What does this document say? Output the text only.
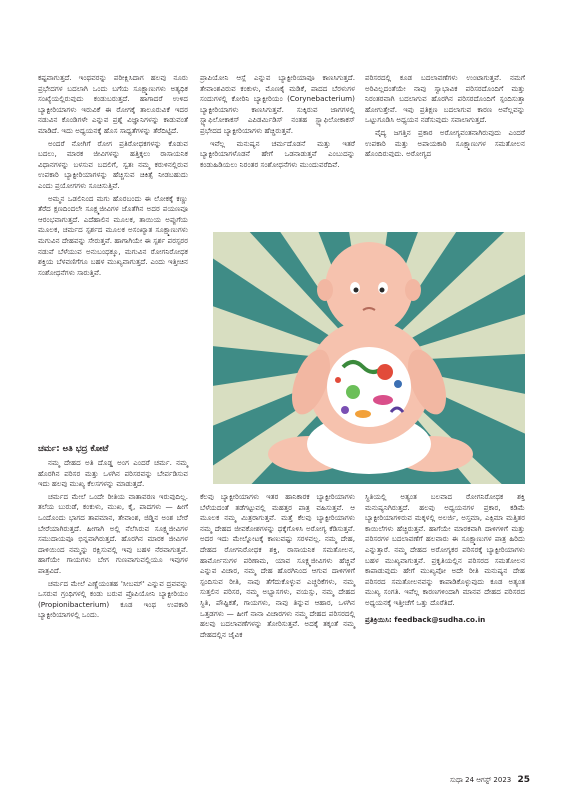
ಕಷ್ಟವಾಗುತ್ತದೆ. ಇಂಥವರನ್ನು ಪರೀಕ್ಷಿಸಿದಾಗ ಹಲವು ನೂರು ಪ್ರಭೇದಗಳ ಬದಲಾಗಿ ಒಂದು ಬಗೆಯ ಸೂಕ್ಷ್ಮಾಣುಗಳು ಅತ್ಯಧಿಕ ಸಂಖ್ಯೆಯಲ್ಲಿರುವುದು ಕಂಡುಬರುತ್ತದೆ. ಹಾಗಾದರೆ ಉಳಿದ ಬ್ಯಾಕ್ಟೀರಿಯಾಗಳು ಇರುವಿಕೆ ಈ ರೋಗಕ್ಕೆ ತಾಲೂರುವಿಕೆ ಇದರ ನಡುವಿನ ಕೊಂಡಿಗಳೇ ಎನ್ನುವ ಪ್ರಶ್ನೆ ವಿಜ್ಞಾನಿಗಳನ್ನು ಕಾಡುವಂತೆ ಮಾಡಿದೆ. ಇದು ಅಧ್ಯಯನಕ್ಕೆ ಹೊಸ ಸಾಧ್ಯತೆಗಳನ್ನು ತೆರೆದಿಟ್ಟಿದೆ.

ಅಂದರೆ ನೋಗಿಗೆ ರೋಗ ಪ್ರತಿರೋಧಕಗಳನ್ನು ಕೊಡುವ ಬದಲು, ಮಾರಕ ಜೀವಿಗಳನ್ನು ಹತ್ತಿಕ್ಕಲು ರಾಸಾಯನಿಕ ವಿಧಾನಗಳನ್ನು ಬಳಸುವ ಬದಲಿಗೆ, ಸ್ವತಃ ನಮ್ಮ ಕರುಳಿನಲ್ಲಿರುವ ಉಪಕಾರಿ ಬ್ಯಾಕ್ಟೀರಿಯಾಗಳನ್ನು ಹೆಚ್ಚಿಸುವ ಚಿಕಿತ್ಸೆ ನೀಡಬಹುದು ಎಂದು ಪ್ರಯೋಗಗಳು ಸೂಚಿಸುತ್ತಿವೆ.

ಅಮ್ಮನ ಒಡಲಿನಿಂದ ಮಗು ಹೊರಬಂದು ಈ ಲೋಕಕ್ಕೆ ಕಣ್ಣು ತೆರೆದ ಕ್ಷಣದಿಂದಲೇ ಸೂಕ್ಷ್ಮಜೀವಿಗಳ ಜೊತೆಗಿನ ಅದರ ಪಯಣವೂ ಆರಂಭವಾಗುತ್ತದೆ. ಎದೆಹಾಲಿನ ಮೂಲಕ, ತಾಯಿಯ ಅಪ್ಪುಗೆಯ ಮೂಲಕ, ಚರ್ಮದ ಸ್ಪರ್ಶದ ಮೂಲಕ ಅಸಂಖ್ಯಾತ ಸೂಕ್ಷ್ಮಾಣುಗಳು ಮಗುವಿನ ದೇಹವನ್ನು ಸೇರುತ್ತವೆ. ಹಾಗಾಗಿಯೇ ಈ ಸ್ಪರ್ಶ ಪರಸ್ಪರರ ನಡುವೆ ಬೆಳೆಯುವ ಅನುಬಂಧಕ್ಕೂ, ಮಗುವಿನ ರೋಗನಿರೋಧಕ ಶಕ್ತಿಯ ಬೆಳವಣಿಗೆಗೂ ಬಹಳ ಮುಖ್ಯವಾಗುತ್ತದೆ. ಎಂದು ಇತ್ತೀಚಿನ ಸಂಶೋಧನೆಗಳು ಸಾರುತ್ತಿವೆ.

ಚರ್ಮ: ಅತಿ ಭದ್ರ ಕೋಟೆ

ನಮ್ಮ ದೇಹದ ಅತಿ ದೊಡ್ಡ ಅಂಗ ಎಂದರೆ ಚರ್ಮ. ನಮ್ಮ ಹೊರಗಿನ ಪರಿಸರ ಮತ್ತು ಒಳಗಿನ ಪರಿಸರವನ್ನು ಬೇರ್ಪಡಿಸುವ ಇದು ಹಲವು ಮುಖ್ಯ ಕೆಲಸಗಳನ್ನು ಮಾಡುತ್ತದೆ.

ಚರ್ಮದ ಮೇಲೆ ಒಂದೇ ರೀತಿಯ ವಾತಾವರಣ ಇರುವುದಿಲ್ಲ. ತಲೆಯ ಬುರುಡೆ, ಕಂಕುಳು, ಮುಖ, ಕೈ, ಪಾದಗಳು — ಹೀಗೆ ಒಂದೊಂದು ಭಾಗದ ತಾಪಮಾನ, ತೇವಾಂಶ, ಜಿಡ್ಡಿನ ಅಂಶ ಬೇರೆ ಬೇರೆಯಾಗಿರುತ್ತದೆ. ಹೀಗಾಗಿ ಅಲ್ಲಿ ನೆಲೆಸಿರುವ ಸೂಕ್ಷ್ಮಜೀವಿಗಳ ಸಮುದಾಯವೂ ಭಿನ್ನವಾಗಿರುತ್ತದೆ. ಹೊರಗಿನ ಮಾರಕ ಜೀವಿಗಳ ದಾಳಿಯಿಂದ ನಮ್ಮನ್ನು ರಕ್ಷಿಸುವಲ್ಲಿ ಇವು ಬಹಳ ನೆರವಾಗುತ್ತವೆ. ಹಾಗೆಯೇ ಗಾಯಗಳು ಬೇಗ ಗುಣವಾಗುವಲ್ಲಿಯೂ ಇವುಗಳ ಪಾತ್ರವಿದೆ.

ಚರ್ಮದ ಮೇಲೆ ಎಣ್ಣೆಯಂತಹ 'ಸೀಬಮ್' ಎನ್ನುವ ದ್ರವವನ್ನು ಒಸರುವ ಗ್ರಂಥಿಗಳಲ್ಲಿ ಕಂಡು ಬರುವ ಪ್ರೊಪಿಯೋನಿ ಬ್ಯಾಕ್ಟೀರಿಯಂ (Propionibacterium) ಕೂಡ ಇಂಥ ಉಪಕಾರಿ ಬ್ಯಾಕ್ಟೀರಿಯಾಗಳಲ್ಲಿ ಒಂದು.

ಪ್ರಾಪಿಯೋನಿ ಆಸ್ಲೆ ಎನ್ನುವ ಬ್ಯಾಕ್ಟೀರಿಯಾವೂ ಕಾಣಸಿಗುತ್ತದೆ. ತೇವಾಂಶವಿರುವ ಕಂಕುಳು, ಮೊಣಕೈ ಮಡಿಕೆ, ಪಾದದ ಬೆರಳುಗಳ ಸಂದುಗಳಲ್ಲಿ ಕೋರಿನಿ ಬ್ಯಾಕ್ಟೀರಿಯಂ (Corynebacterium) ಬ್ಯಾಕ್ಟೀರಿಯಾಗಳು ಕಾಣಸಿಗುತ್ತವೆ. ಸುಕ್ಕಿರುವ ಜಾಗಗಳಲ್ಲಿ ಸ್ಟ್ಯಾಫಿಲೋಕಾಕಸ್ ಎಪಿಡರ್ಮಿಡಿಸ್ ನಂತಹ ಸ್ಟ್ಯಾಫಿಲೋಕಾಕಸ್ ಪ್ರಭೇದದ ಬ್ಯಾಕ್ಟೀರಿಯಾಗಳು ಹೆಚ್ಚಿರುತ್ತವೆ.

ಇವೆಲ್ಲ ಮನುಷ್ಯನ ಚರ್ಮದೊಡನೆ ಮತ್ತು ಇತರೆ ಬ್ಯಾಕ್ಟೀರಿಯಾಗಳೊಡನೆ ಹೇಗೆ ಒಡನಾಡುತ್ತವೆ ಎಂಬುದನ್ನು ಕಂಡುಹಿಡಿಯಲು ನಿರಂತರ ಸಂಶೋಧನೆಗಳು ಮುಂದುವರೆದಿವೆ.

ಪರಿಸರದಲ್ಲಿ ಕೂಡ ಬದಲಾವಣೆಗಳು ಉಂಟಾಗುತ್ತವೆ. ನಮಗೆ ಅರಿವಿಲ್ಲದಂತೆಯೇ ನಾವು ಸ್ವಾಭಾವಿಕ ಪರಿಸರದೊಂದಿಗೆ ಮತ್ತು ನಿರಂತರವಾಗಿ ಬದಲಾಗುವ ಹೊರಗಿನ ಪರಿಸರದೊಂದಿಗೆ ಸ್ಪಂದಿಸುತ್ತಾ ಹೋಗುತ್ತೇವೆ. ಇವು ಪ್ರತಿಕ್ಷಣ ಬದಲಾಗುವ ಕಾರಣ ಅವೆಲ್ಲವನ್ನು ಒಟ್ಟುಗೂಡಿಸಿ ಅಧ್ಯಯನ ನಡೆಸುವುದು ಸವಾಲಾಗುತ್ತದೆ.

ವೈದ್ಯ ಜಗತ್ತಿನ ಪ್ರಕಾರ ಅರೋಗ್ಯವಂತನಾಗಿರುವುದು ಎಂದರೆ ಉಪಕಾರಿ ಮತ್ತು ಅಪಾಯಕಾರಿ ಸೂಕ್ಷ್ಮಾಣುಗಳ ಸಮತೋಲನ ಹೊಂದಿರುವುದು. ಅರೋಗ್ಯದ

ಕೆಲವು ಬ್ಯಾಕ್ಟೀರಿಯಾಗಳು ಇತರ ಹಾನಿಕಾರಕ ಬ್ಯಾಕ್ಟೀರಿಯಾಗಳು ಬೆಳೆಯದಂತೆ ತಡೆಗಟ್ಟುವಲ್ಲಿ ಮಹತ್ತರ ಪಾತ್ರ ವಹಿಸುತ್ತವೆ. ಆ ಮೂಲಕ ನಮ್ಮ ಮಿತ್ರರಾಗುತ್ತವೆ. ಮತ್ತೆ ಕೆಲವು ಬ್ಯಾಕ್ಟೀರಿಯಾಗಳು ನಮ್ಮ ದೇಹದ ಜೀವಕೋಶಗಳನ್ನು ಧಕ್ಕೆಗೊಳಿಸಿ ಅರೋಗ್ಯ ಕೆಡಿಸುತ್ತವೆ. ಅದರ ಇದು ಮೇಲ್ನೋಟಕ್ಕೆ ಕಾಣುವಷ್ಟು ಸರಳವಲ್ಲ. ನಮ್ಮ ದೇಹ, ದೇಹದ ರೋಗನಿರೋಧಕ ಶಕ್ತಿ, ರಾಸಾಯನಿಕ ಸಮತೋಲನ, ಹಾರ್ಮೋನುಗಳ ಪರಿಣಾಮ, ಯಾವ ಸೂಕ್ಷ್ಮಜೀವಿಗಳು ಹೆಚ್ಚಿವೆ ಎನ್ನುವ ವಿಚಾರ, ನಮ್ಮ ದೇಹ ಹೊರಗಿನಿಂದ ಆಗುವ ದಾಳಿಗಳಿಗೆ ಸ್ಪಂದಿಸುವ ರೀತಿ, ನಾವು ತೆಗೆದುಕೊಳ್ಳುವ ಎಚ್ಚರಿಕೆಗಳು, ನಮ್ಮ ಸುತ್ತಲಿನ ಪರಿಸರ, ನಮ್ಮ ಅಭ್ಯಾಸಗಳು, ವಯಸ್ಸು, ನಮ್ಮ ದೇಹದ ಸ್ಥಿತಿ, ಪೌಷ್ಟಿಕತೆ, ಗಾಯಗಳು, ನಾವು ತಿನ್ನುವ ಆಹಾರ, ಒಳಗಿನ ಒತ್ತಡಗಳು — ಹೀಗೆ ನಾನಾ ವಿಚಾರಗಳು ನಮ್ಮ ದೇಹದ ಪರಿಸರದಲ್ಲಿ ಹಲವು ಬದಲಾವಣೆಗಳನ್ನು ತೋರಿಸುತ್ತವೆ. ಅದಕ್ಕೆ ತಕ್ಕಂತೆ ನಮ್ಮ ದೇಹದಲ್ಲಿನ ಜೈವಿಕ

ಸ್ಥಿತಿಯಲ್ಲಿ ಅತ್ಯಂತ ಬಲವಾದ ರೋಗನಿರೋಧಕ ಶಕ್ತಿ ಮನುಷ್ಯನಿಗಿರುತ್ತದೆ. ಹಲವು ಅಧ್ಯಯನಗಳ ಪ್ರಕಾರ, ಕಡಿಮೆ ಬ್ಯಾಕ್ಟೀರಿಯಾಗಳಿರುವ ಮಕ್ಕಳಲ್ಲಿ ಅಲರ್ಜಿ, ಅಸ್ತಮಾ, ಎಕ್ಸಿಮಾ ಮತ್ತಿತರ ಕಾಯಿಲೆಗಳು ಹೆಚ್ಚಿರುತ್ತವೆ. ಹಾಗೆಯೇ ಮಾರಕವಾಗಿ ದಾಳಿಗಳಿಗೆ ಮತ್ತು ಪರಿಸರಗಳ ಬದಲಾವಣೆಗೆ ಹಲವಾರು ಈ ಸೂಕ್ಷ್ಮಾಣುಗಳ ಪಾತ್ರ ಹಿರಿದು ಎನ್ನುತ್ತಾರೆ. ನಮ್ಮ ದೇಹದ ಅರೋಗ್ಯಕರ ಪರಿಸರಕ್ಕೆ ಬ್ಯಾಕ್ಟೀರಿಯಾಗಳು ಬಹಳ ಮುಖ್ಯವಾಗುತ್ತವೆ. ಪ್ರಕೃತಿಯಲ್ಲಿನ ಪರಿಸರದ ಸಮತೋಲನ ಕಾಪಾಡುವುದು ಹೇಗೆ ಮುಖ್ಯವೋ ಅದೇ ರೀತಿ ಮನುಷ್ಯನ ದೇಹ ಪರಿಸರದ ಸಮತೋಲನವನ್ನು ಕಾಪಾಡಿಕೊಳ್ಳುವುದು ಕೂಡ ಅತ್ಯಂತ ಮುಖ್ಯ ಸಂಗತಿ. ಇವೆಲ್ಲ ಕಾರಣಗಳಿಂದಾಗಿ ಮಾನವ ದೇಹದ ಪರಿಸರದ ಅಧ್ಯಯನಕ್ಕೆ ಇತ್ತೀಚೆಗೆ ಒತ್ತು ದೊರೆತಿದೆ.

ಪ್ರತಿಕ್ರಿಯಿಸಿ: feedback@sudha.co.in

ಸುಧಾ 24 ಆಗಸ್ಟ್ 2023 25
